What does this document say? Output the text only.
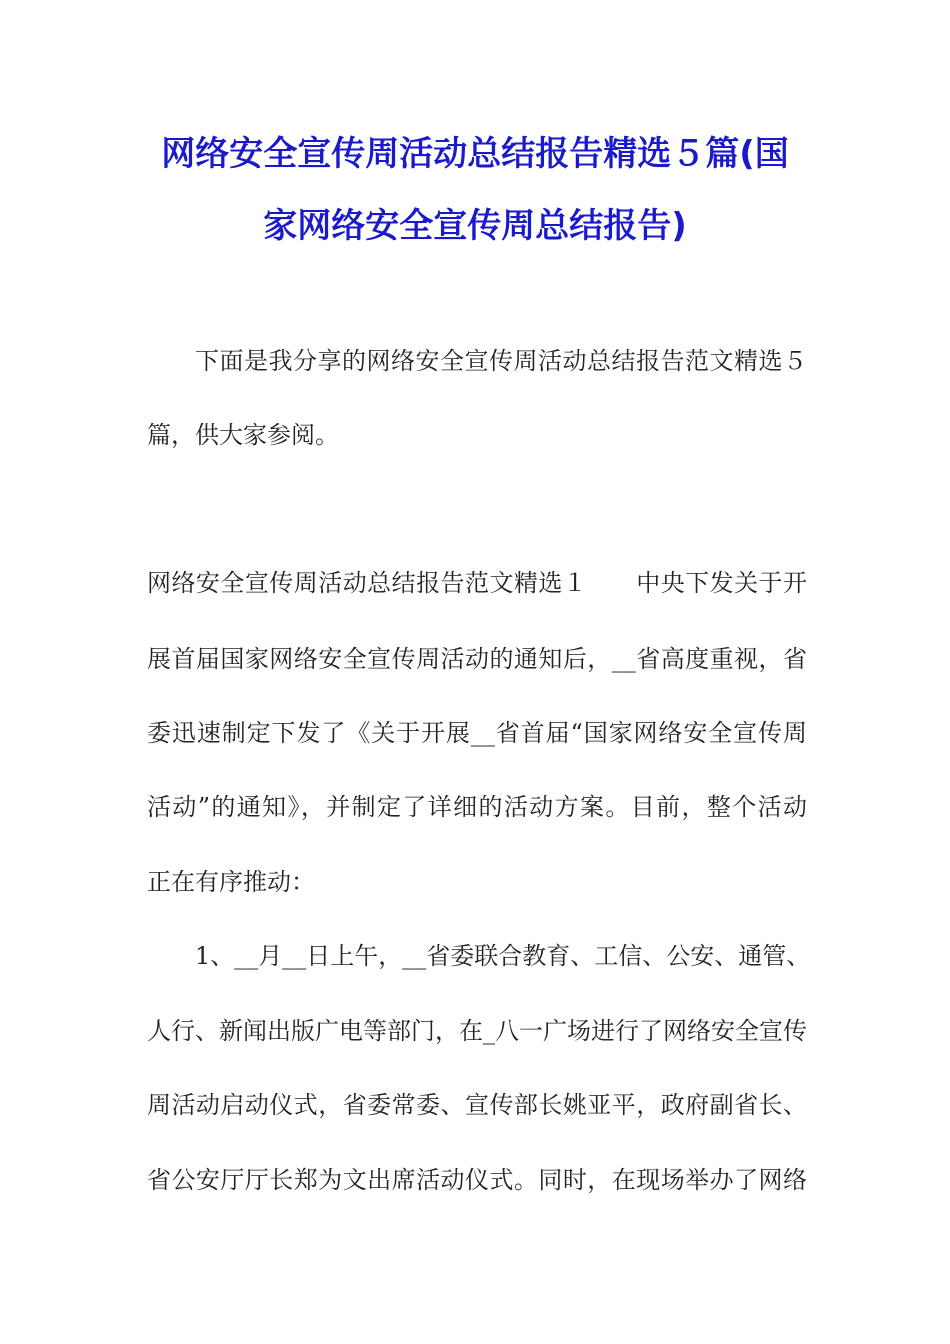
网络安全宣传周活动总结报告精选５篇(国
家网络安全宣传周总结报告)

下面是我分享的网络安全宣传周活动总结报告范文精选５

篇，供大家参阅。

网络安全宣传周活动总结报告范文精选１　　中央下发关于开

展首届国家网络安全宣传周活动的通知后，__省高度重视，省

委迅速制定下发了《关于开展__省首届“国家网络安全宣传周

活动”的通知》，并制定了详细的活动方案。目前，整个活动

正在有序推动：

1、__月__日上午，__省委联合教育、工信、公安、通管、

人行、新闻出版广电等部门，在_八一广场进行了网络安全宣传

周活动启动仪式，省委常委、宣传部长姚亚平，政府副省长、

省公安厅厅长郑为文出席活动仪式。同时，在现场举办了网络
